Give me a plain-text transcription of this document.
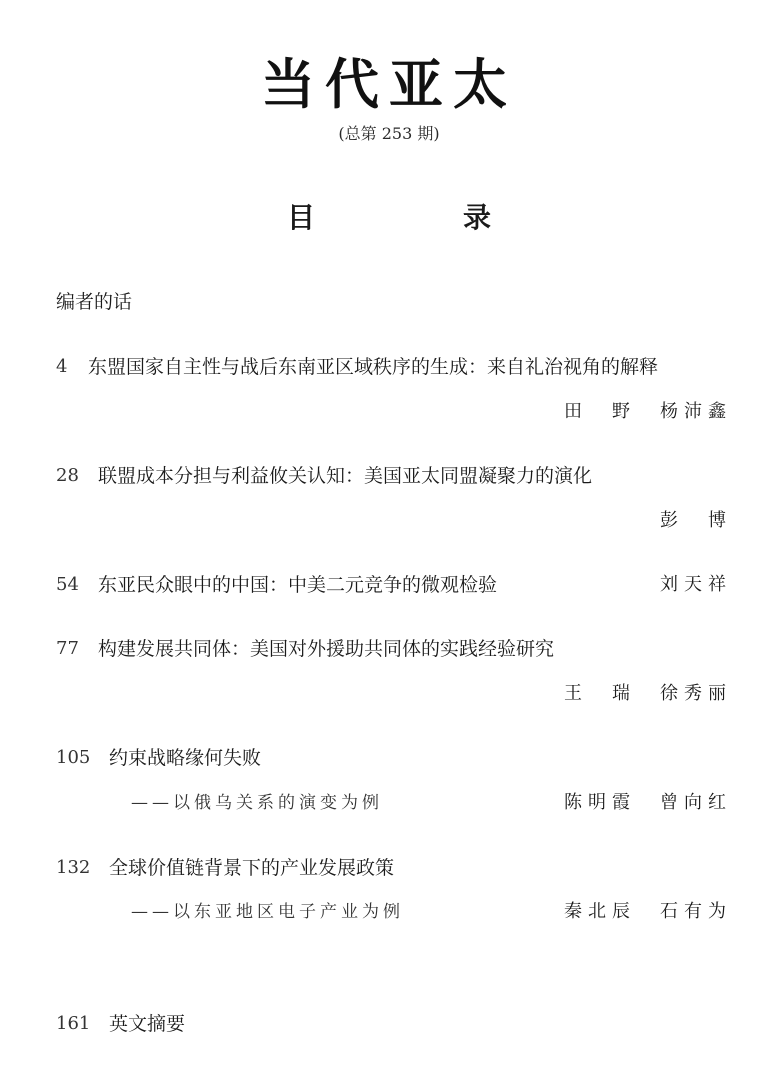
当代亚太
(总第 253 期)
目　录
编者的话
4 东盟国家自主性与战后东南亚区域秩序的生成：来自礼治视角的解释
田　野　杨沛鑫
28 联盟成本分担与利益攸关认知：美国亚太同盟凝聚力的演化
彭　博
54 东亚民众眼中的中国：中美二元竞争的微观检验	刘天祥
77 构建发展共同体：美国对外援助共同体的实践经验研究
王　瑞　徐秀丽
105 约束战略缘何失败
——以俄乌关系的演变为例	陈明霞　曾向红
132 全球价值链背景下的产业发展政策
——以东亚地区电子产业为例	秦北辰　石有为
161 英文摘要
